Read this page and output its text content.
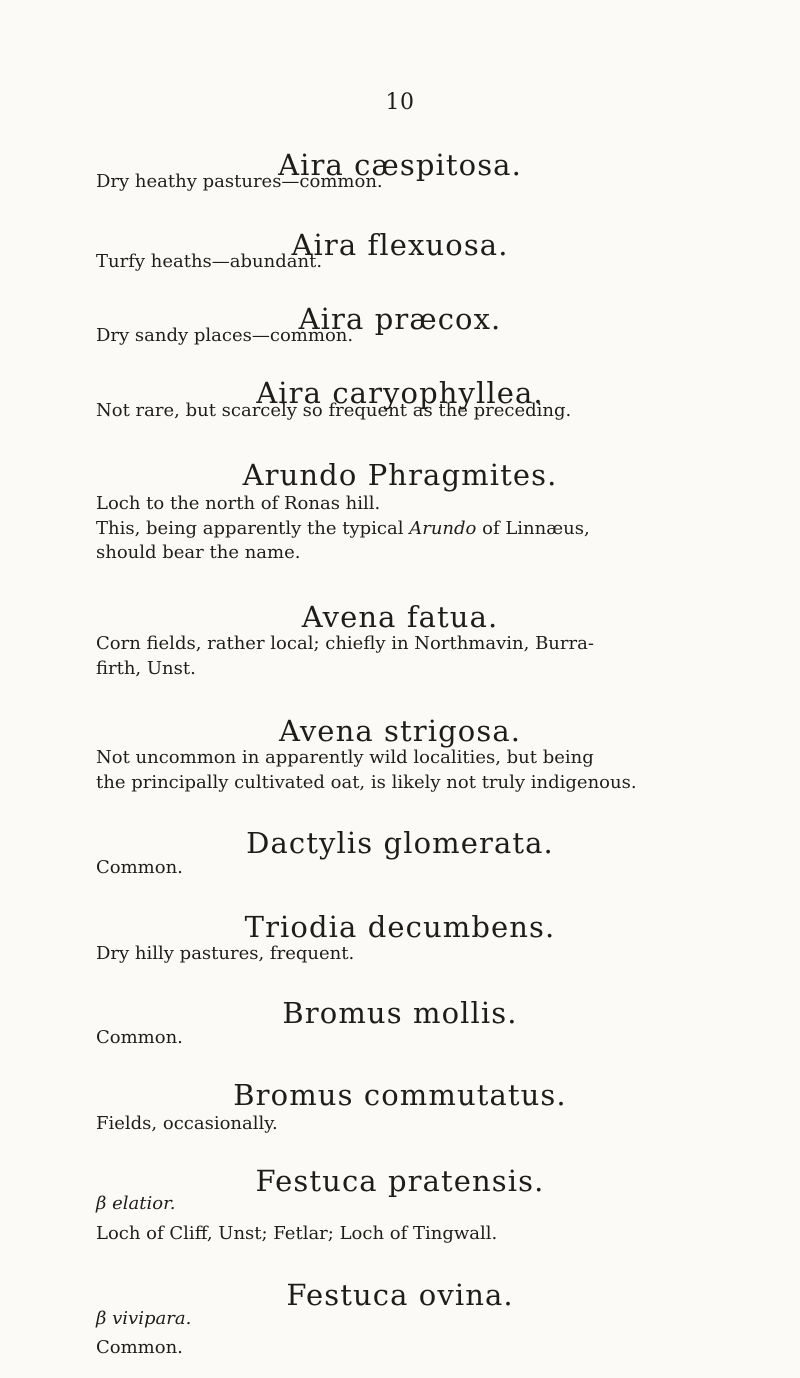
10
Aira cæspitosa.
Dry heathy pastures—common.
Aira flexuosa.
Turfy heaths—abundant.
Aira præcox.
Dry sandy places—common.
Aira caryophyllea.
Not rare, but scarcely so frequent as the preceding.
Arundo Phragmites.
Loch to the north of Ronas hill.
This, being apparently the typical Arundo of Linnæus,
should bear the name.
Avena fatua.
Corn fields, rather local; chiefly in Northmavin, Burra-
firth, Unst.
Avena strigosa.
Not uncommon in apparently wild localities, but being
the principally cultivated oat, is likely not truly indigenous.
Dactylis glomerata.
Common.
Triodia decumbens.
Dry hilly pastures, frequent.
Bromus mollis.
Common.
Bromus commutatus.
Fields, occasionally.
Festuca pratensis.
β elatior.
Loch of Cliff, Unst; Fetlar; Loch of Tingwall.
Festuca ovina.
β vivipara.
Common.
